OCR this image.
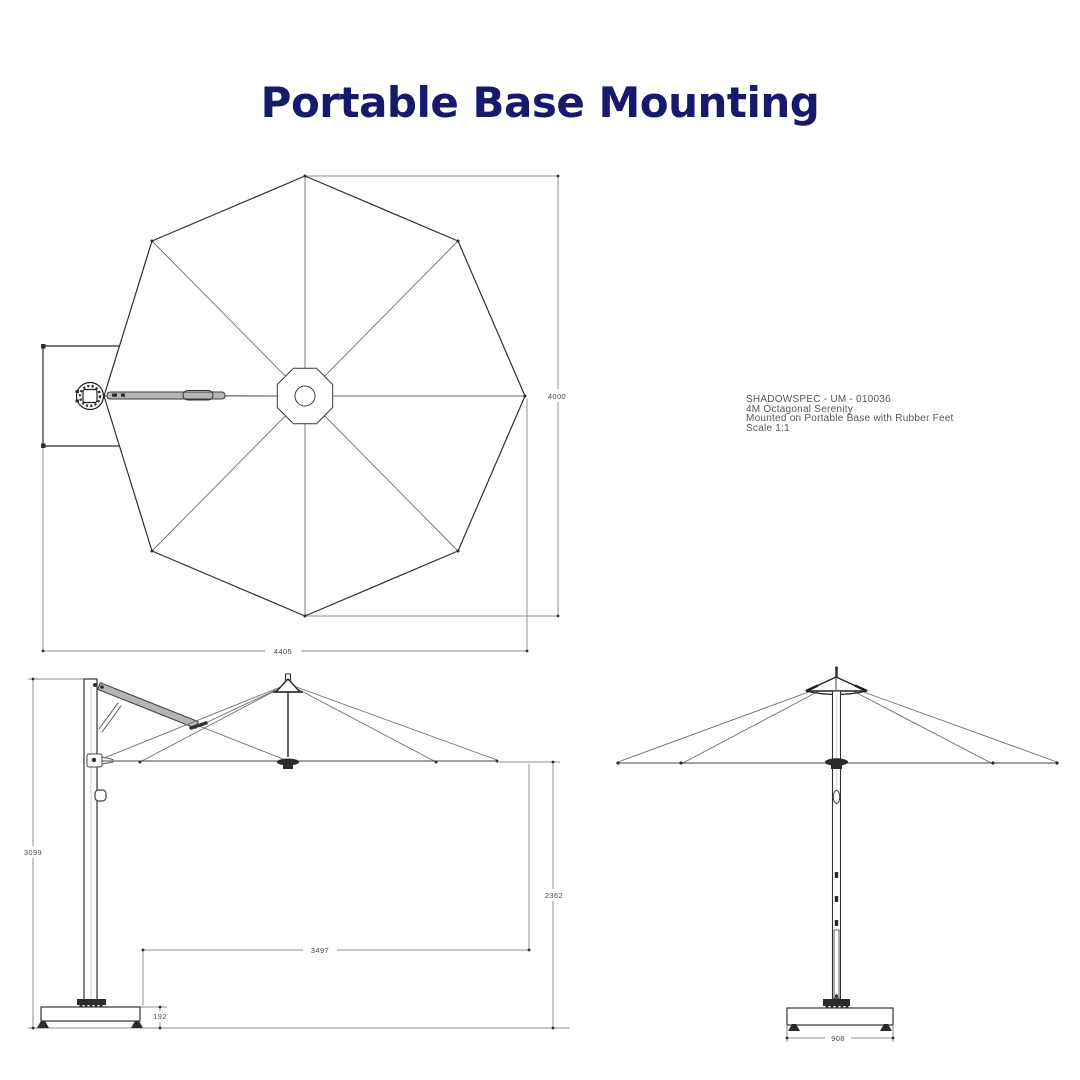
Portable Base Mounting
SHADOWSPEC - UM - 010036
4M Octagonal Serenity
Mounted on Portable Base with Rubber Feet
Scale 1:1
4000
4405
3099
2362
3497
192
908
